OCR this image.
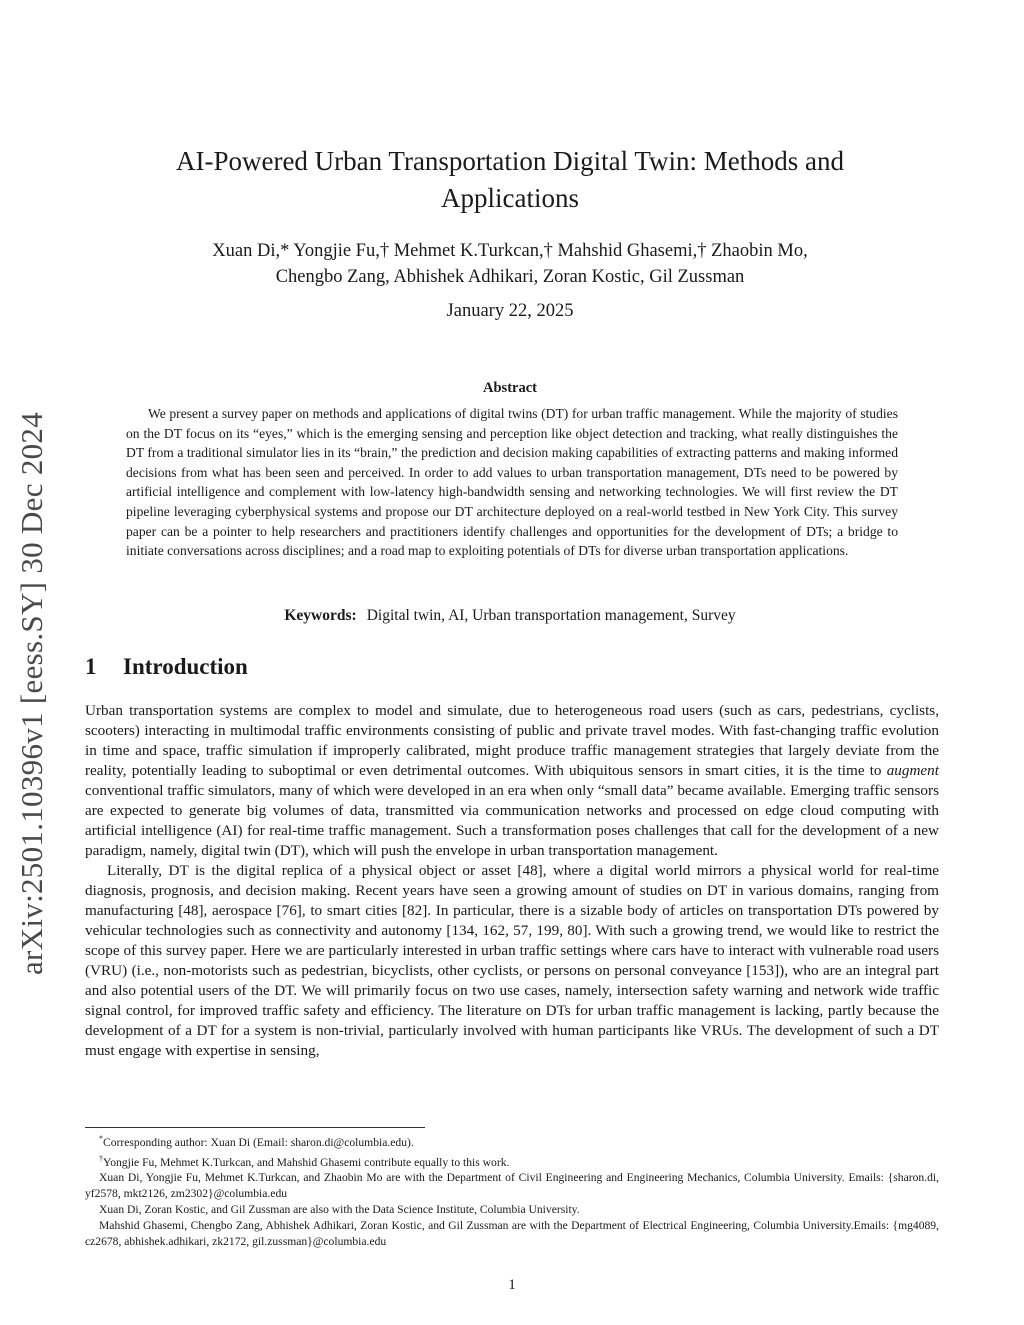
arXiv:2501.10396v1 [eess.SY] 30 Dec 2024
AI-Powered Urban Transportation Digital Twin: Methods and Applications
Xuan Di,* Yongjie Fu,† Mehmet K.Turkcan,† Mahshid Ghasemi,† Zhaobin Mo,
Chengbo Zang, Abhishek Adhikari, Zoran Kostic, Gil Zussman
January 22, 2025
Abstract
We present a survey paper on methods and applications of digital twins (DT) for urban traffic management. While the majority of studies on the DT focus on its “eyes,” which is the emerging sensing and perception like object detection and tracking, what really distinguishes the DT from a traditional simulator lies in its “brain,” the prediction and decision making capabilities of extracting patterns and making informed decisions from what has been seen and perceived. In order to add values to urban transportation management, DTs need to be powered by artificial intelligence and complement with low-latency high-bandwidth sensing and networking technologies. We will first review the DT pipeline leveraging cyberphysical systems and propose our DT architecture deployed on a real-world testbed in New York City. This survey paper can be a pointer to help researchers and practitioners identify challenges and opportunities for the development of DTs; a bridge to initiate conversations across disciplines; and a road map to exploiting potentials of DTs for diverse urban transportation applications.
Keywords: Digital twin, AI, Urban transportation management, Survey
1 Introduction

Urban transportation systems are complex to model and simulate, due to heterogeneous road users (such as cars, pedestrians, cyclists, scooters) interacting in multimodal traffic environments consisting of public and private travel modes. With fast-changing traffic evolution in time and space, traffic simulation if improperly calibrated, might produce traffic management strategies that largely deviate from the reality, potentially leading to suboptimal or even detrimental outcomes. With ubiquitous sensors in smart cities, it is the time to augment conventional traffic simulators, many of which were developed in an era when only “small data” became available. Emerging traffic sensors are expected to generate big volumes of data, transmitted via communication networks and processed on edge cloud computing with artificial intelligence (AI) for real-time traffic management. Such a transformation poses challenges that call for the development of a new paradigm, namely, digital twin (DT), which will push the envelope in urban transportation management.

Literally, DT is the digital replica of a physical object or asset [48], where a digital world mirrors a physical world for real-time diagnosis, prognosis, and decision making. Recent years have seen a growing amount of studies on DT in various domains, ranging from manufacturing [48], aerospace [76], to smart cities [82]. In particular, there is a sizable body of articles on transportation DTs powered by vehicular technologies such as connectivity and autonomy [134, 162, 57, 199, 80]. With such a growing trend, we would like to restrict the scope of this survey paper. Here we are particularly interested in urban traffic settings where cars have to interact with vulnerable road users (VRU) (i.e., non-motorists such as pedestrian, bicyclists, other cyclists, or persons on personal conveyance [153]), who are an integral part and also potential users of the DT. We will primarily focus on two use cases, namely, intersection safety warning and network wide traffic signal control, for improved traffic safety and efficiency. The literature on DTs for urban traffic management is lacking, partly because the development of a DT for a system is non-trivial, particularly involved with human participants like VRUs. The development of such a DT must engage with expertise in sensing,

*Corresponding author: Xuan Di (Email: sharon.di@columbia.edu).

†Yongjie Fu, Mehmet K.Turkcan, and Mahshid Ghasemi contribute equally to this work.

Xuan Di, Yongjie Fu, Mehmet K.Turkcan, and Zhaobin Mo are with the Department of Civil Engineering and Engineering Mechanics, Columbia University. Emails: {sharon.di, yf2578, mkt2126, zm2302}@columbia.edu

Xuan Di, Zoran Kostic, and Gil Zussman are also with the Data Science Institute, Columbia University.

Mahshid Ghasemi, Chengbo Zang, Abhishek Adhikari, Zoran Kostic, and Gil Zussman are with the Department of Electrical Engineering, Columbia University.Emails: {mg4089, cz2678, abhishek.adhikari, zk2172, gil.zussman}@columbia.edu

1
